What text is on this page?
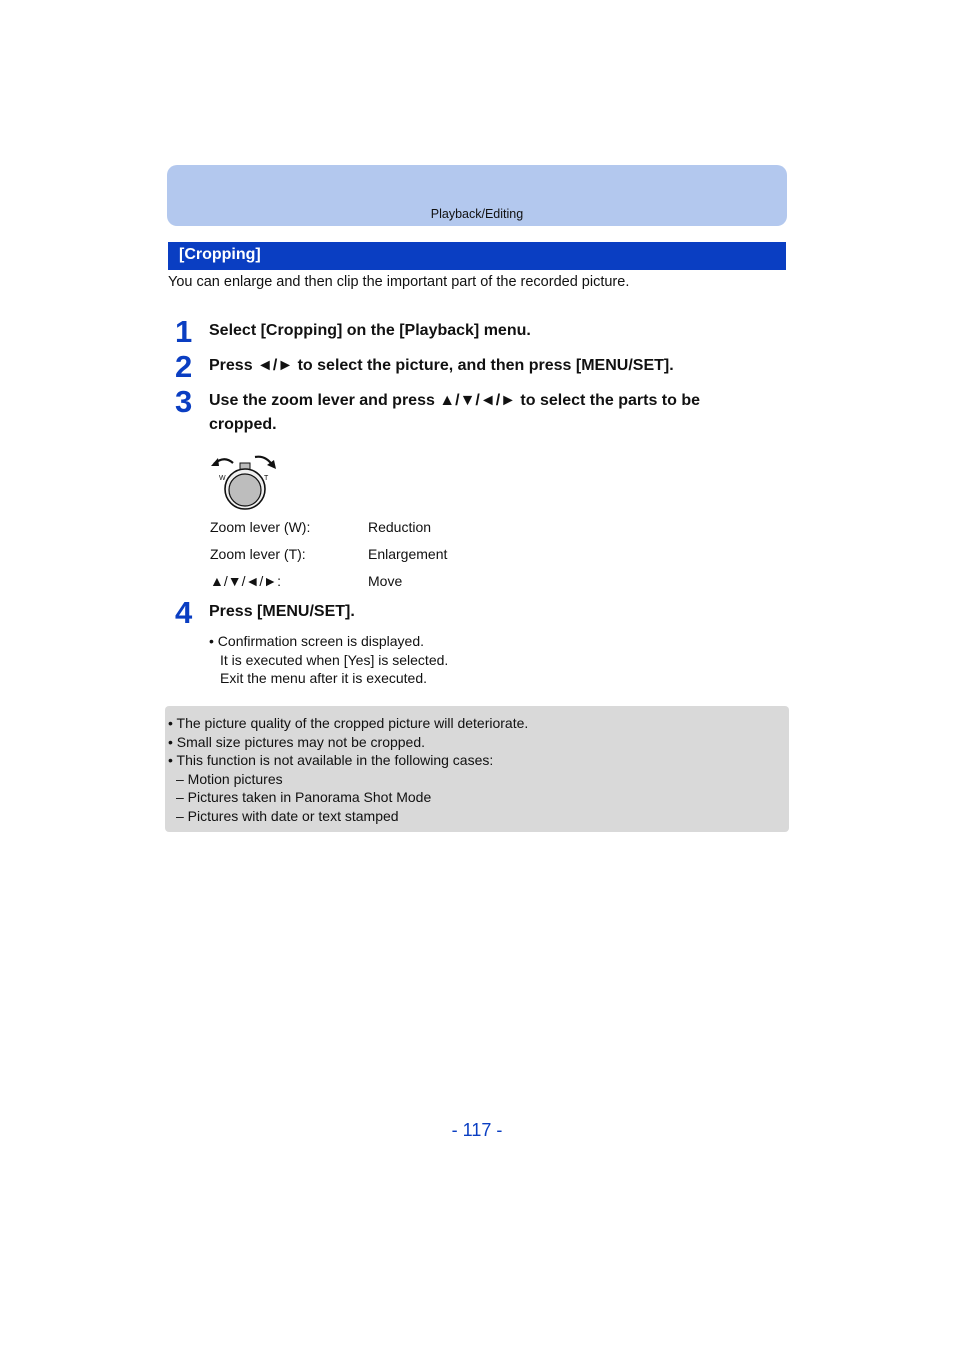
Playback/Editing
[Cropping]
You can enlarge and then clip the important part of the recorded picture.
1 Select [Cropping] on the [Playback] menu.
2 Press ◄/► to select the picture, and then press [MENU/SET].
3 Use the zoom lever and press ▲/▼/◄/► to select the parts to be
cropped.
W	T
Zoom lever (W):	Reduction
Zoom lever (T):	Enlargement
▲/▼/◄/►:	Move
4 Press [MENU/SET].
• Confirmation screen is displayed.
It is executed when [Yes] is selected.
Exit the menu after it is executed.
• The picture quality of the cropped picture will deteriorate.
• Small size pictures may not be cropped.
• This function is not available in the following cases:
– Motion pictures
– Pictures taken in Panorama Shot Mode
– Pictures with date or text stamped
- 117 -
